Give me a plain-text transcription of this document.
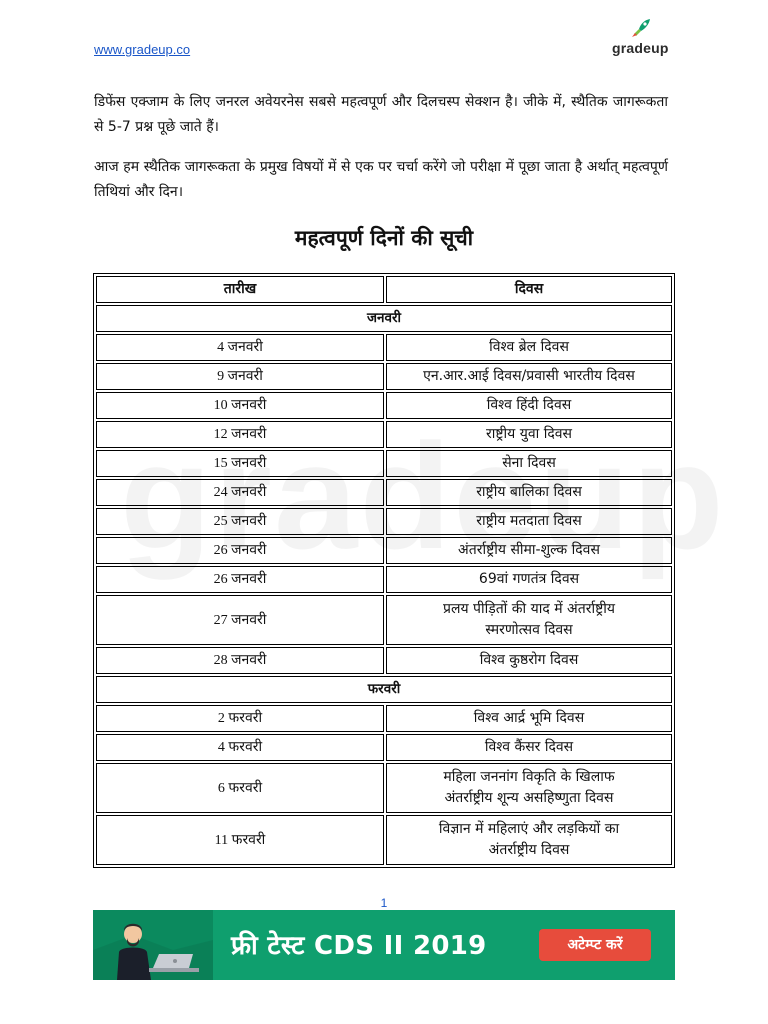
www.gradeup.co	gradeup

डिफेंस एक्जाम के लिए जनरल अवेयरनेस सबसे महत्वपूर्ण और दिलचस्प सेक्शन है। जीके में, स्थैतिक जागरूकता से 5-7 प्रश्न पूछे जाते हैं।

आज हम स्थैतिक जागरूकता के प्रमुख विषयों में से एक पर चर्चा करेंगे जो परीक्षा में पूछा जाता है अर्थात् महत्वपूर्ण तिथियां और दिन।

महत्वपूर्ण दिनों की सूची
तारीख	दिवस
जनवरी	
4 जनवरी	विश्व ब्रेल दिवस
9 जनवरी	एन.आर.आई दिवस/प्रवासी भारतीय दिवस
10 जनवरी	विश्व हिंदी दिवस
12 जनवरी	राष्ट्रीय युवा दिवस
15 जनवरी	सेना दिवस
24 जनवरी	राष्ट्रीय बालिका दिवस
25 जनवरी	राष्ट्रीय मतदाता दिवस
26 जनवरी	अंतर्राष्ट्रीय सीमा-शुल्क दिवस
26 जनवरी	69वां गणतंत्र दिवस
27 जनवरी	प्रलय पीड़ितों की याद में अंतर्राष्ट्रीय
स्मरणोत्सव दिवस

28 जनवरी	विश्व कुष्ठरोग दिवस
फरवरी	
2 फरवरी	विश्व आर्द्र भूमि दिवस
4 फरवरी	विश्व कैंसर दिवस
6 फरवरी	महिला जननांग विकृति के खिलाफ
अंतर्राष्ट्रीय शून्य असहिष्णुता दिवस

11 फरवरी	विज्ञान में महिलाएं और लड़कियों का
अंतर्राष्ट्रीय दिवस
1
फ्री टेस्ट CDS II 2019	अटेम्प्ट करें
